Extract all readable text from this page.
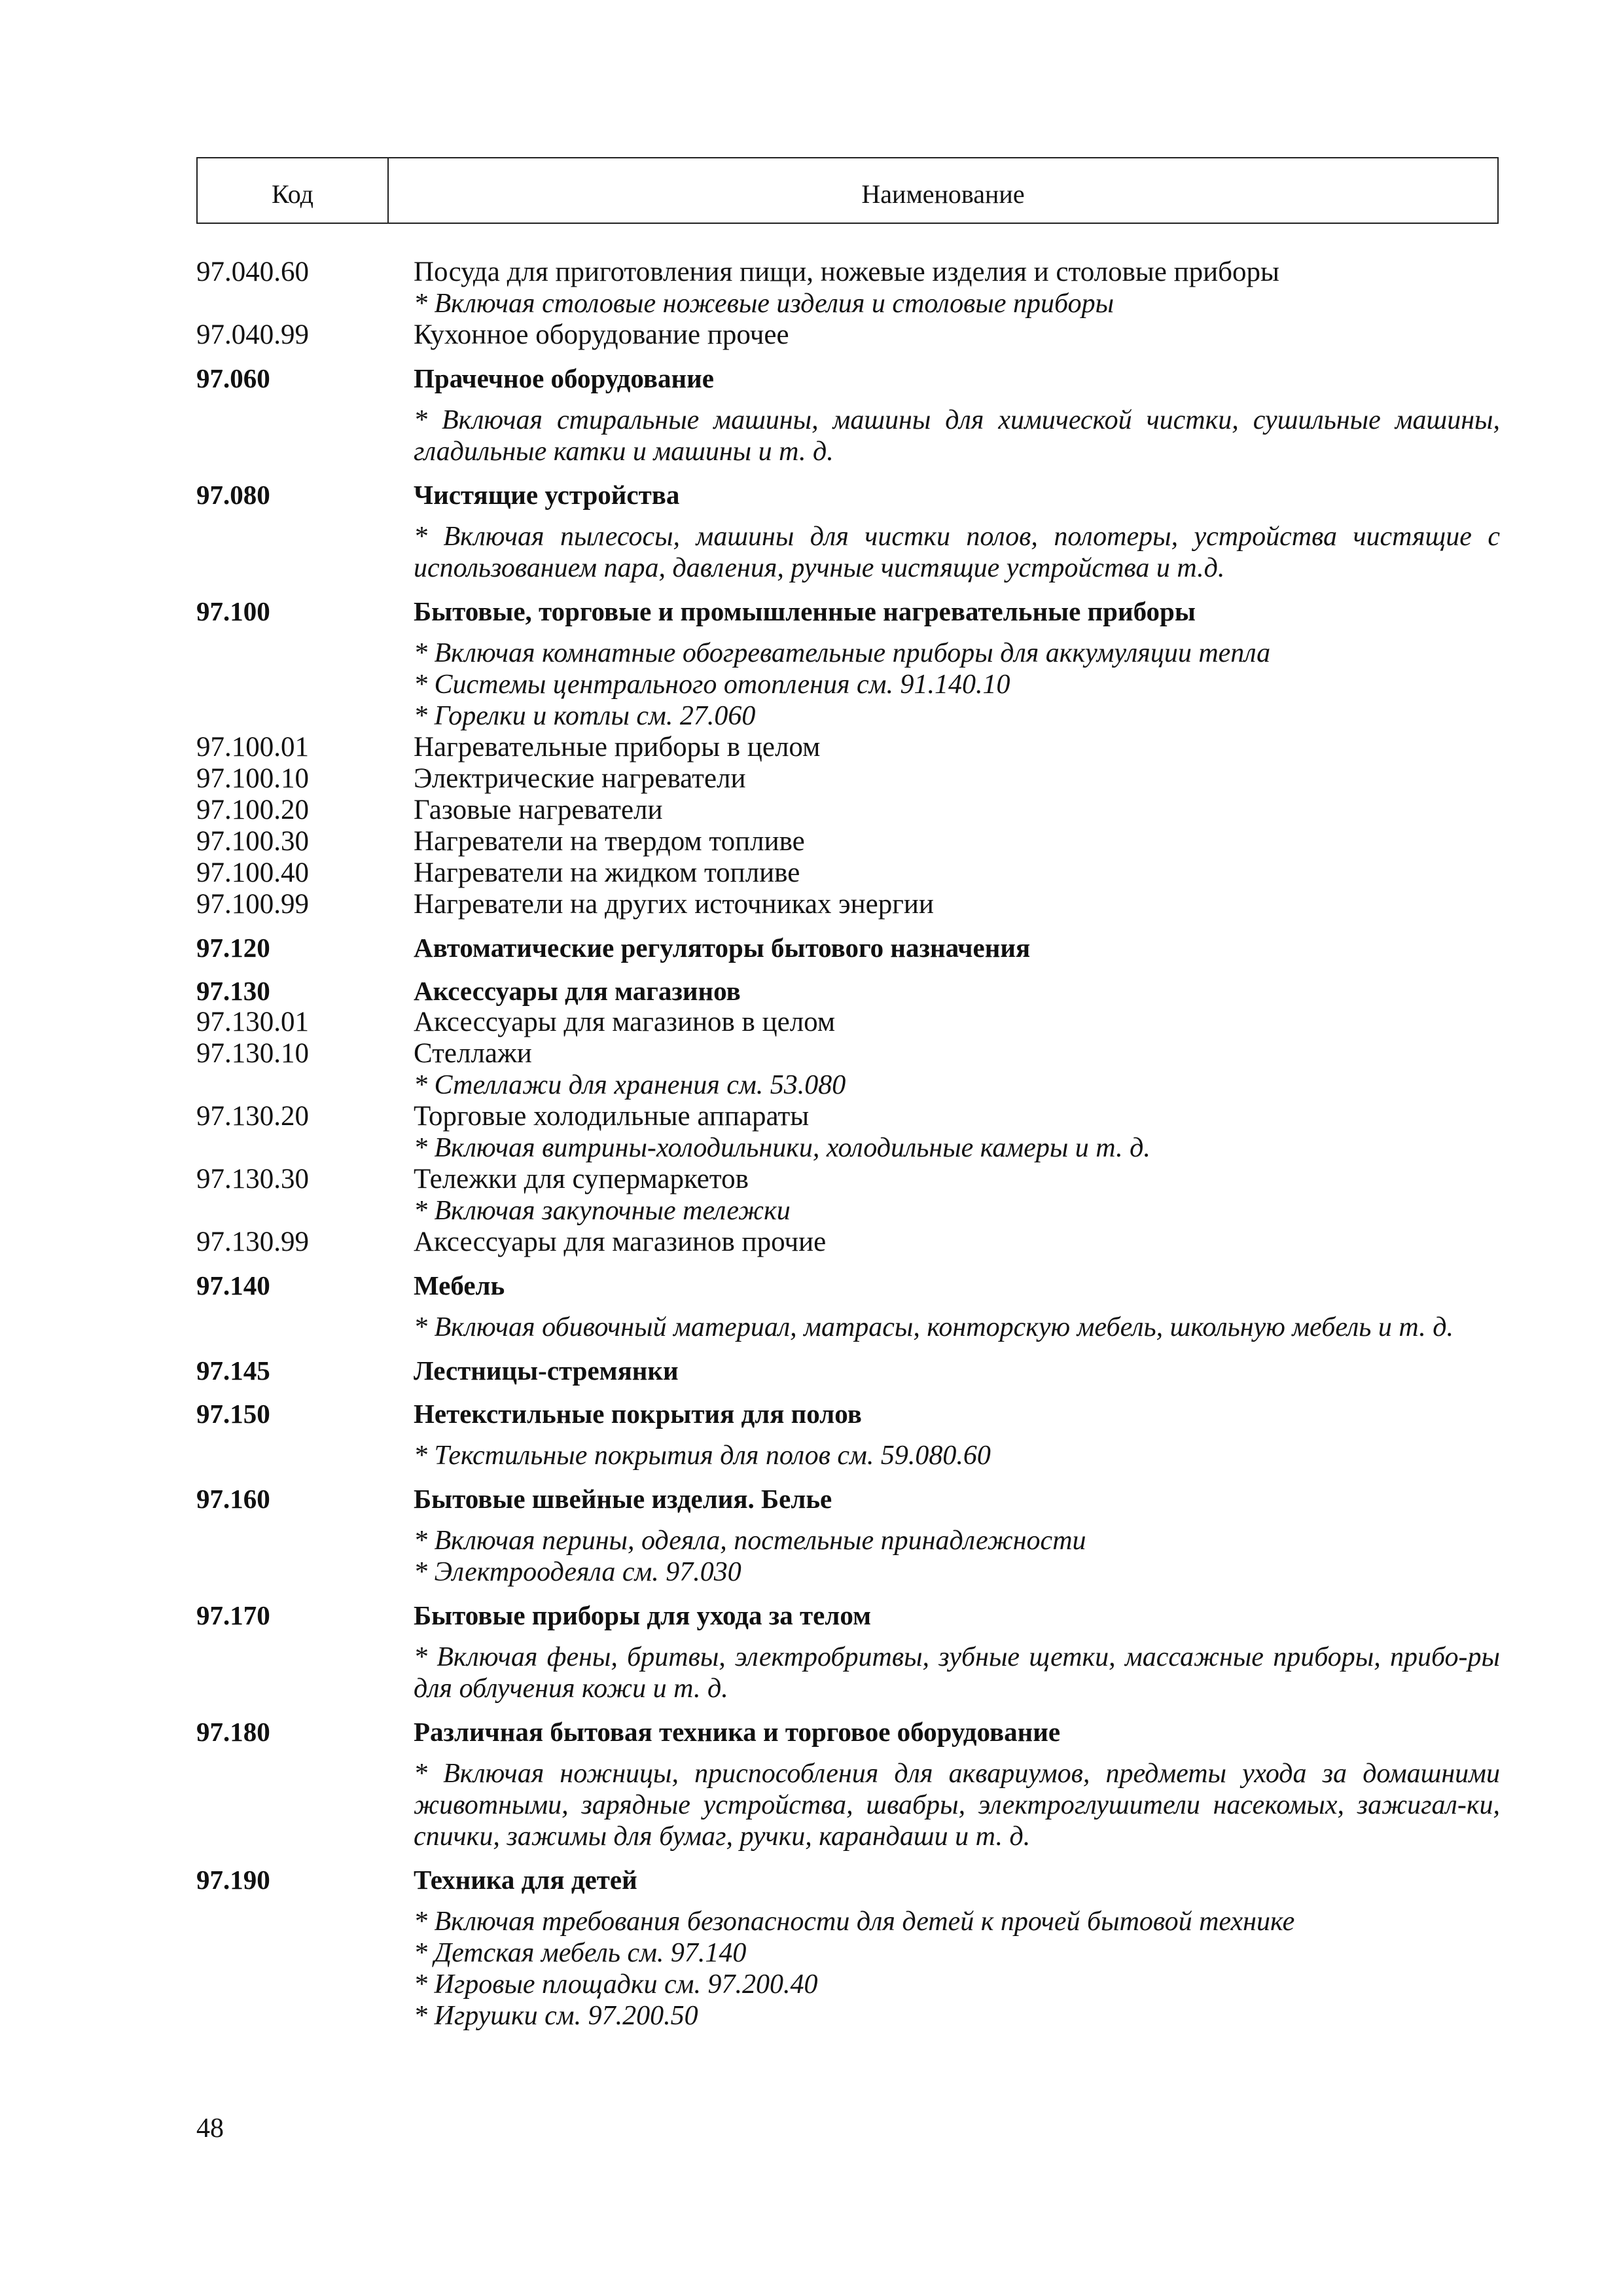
Код	Наименование
97.040.60	Посуда для приготовления пищи, ножевые изделия и столовые приборы
* Включая столовые ножевые изделия и столовые приборы
97.040.99	Кухонное оборудование прочее
97.060	Прачечное оборудование
* Включая стиральные машины, машины для химической чистки, сушильные машины, гладильные катки и машины и т. д.
97.080	Чистящие устройства
* Включая пылесосы, машины для чистки полов, полотеры, устройства чистящие с использованием пара, давления, ручные чистящие устройства и т.д.
97.100	Бытовые, торговые и промышленные нагревательные приборы
* Включая комнатные обогревательные приборы для аккумуляции тепла
* Системы центрального отопления см. 91.140.10
* Горелки и котлы см. 27.060
97.100.01	Нагревательные приборы в целом
97.100.10	Электрические нагреватели
97.100.20	Газовые нагреватели
97.100.30	Нагреватели на твердом топливе
97.100.40	Нагреватели на жидком топливе
97.100.99	Нагреватели на других источниках энергии
97.120	Автоматические регуляторы бытового назначения
97.130	Аксессуары для магазинов
97.130.01	Аксессуары для магазинов в целом
97.130.10	Стеллажи
* Стеллажи для хранения см. 53.080
97.130.20	Торговые холодильные аппараты
* Включая витрины-холодильники, холодильные камеры и т. д.
97.130.30	Тележки для супермаркетов
* Включая закупочные тележки
97.130.99	Аксессуары для магазинов прочие
97.140	Мебель
* Включая обивочный материал, матрасы, конторскую мебель, школьную мебель и т. д.
97.145	Лестницы-стремянки
97.150	Нетекстильные покрытия для полов
* Текстильные покрытия для полов см. 59.080.60
97.160	Бытовые швейные изделия. Белье
* Включая перины, одеяла, постельные принадлежности
* Электроодеяла см. 97.030
97.170	Бытовые приборы для ухода за телом
* Включая фены, бритвы, электробритвы, зубные щетки, массажные приборы, прибо-ры для облучения кожи и т. д.
97.180	Различная бытовая техника и торговое оборудование
* Включая ножницы, приспособления для аквариумов, предметы ухода за домашними животными, зарядные устройства, швабры, электроглушители насекомых, зажигал-ки, спички, зажимы для бумаг, ручки, карандаши и т. д.
97.190	Техника для детей
* Включая требования безопасности для детей к прочей бытовой технике
* Детская мебель см. 97.140
* Игровые площадки см. 97.200.40
* Игрушки см. 97.200.50
48
